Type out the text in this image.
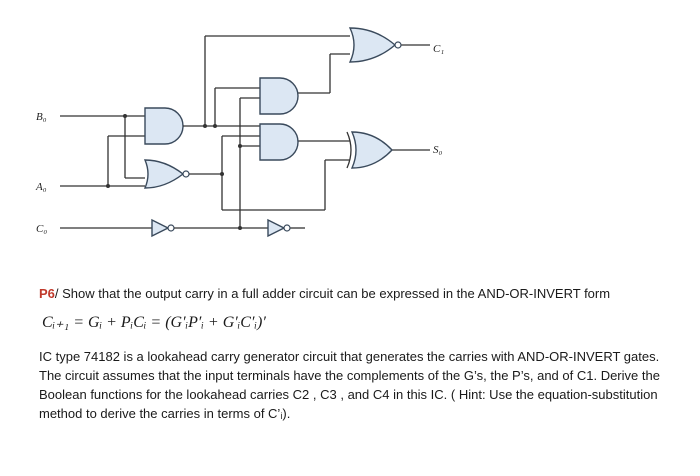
B₀
A₀
C₀
C₁
S₀
P6/ Show that the output carry in a full adder circuit can be expressed in the AND-OR-INVERT form
Cᵢ₊₁ = Gᵢ + PᵢCᵢ = (G′ᵢP′ᵢ + G′ᵢC′ᵢ)′
IC type 74182 is a lookahead carry generator circuit that generates the carries with AND-OR-INVERT gates. The circuit assumes that the input terminals have the complements of the G’s, the P’s, and of C1. Derive the Boolean functions for the lookahead carries C2 , C3 , and C4 in this IC. ( Hint: Use the equation-substitution method to derive the carries in terms of C’ᵢ).
